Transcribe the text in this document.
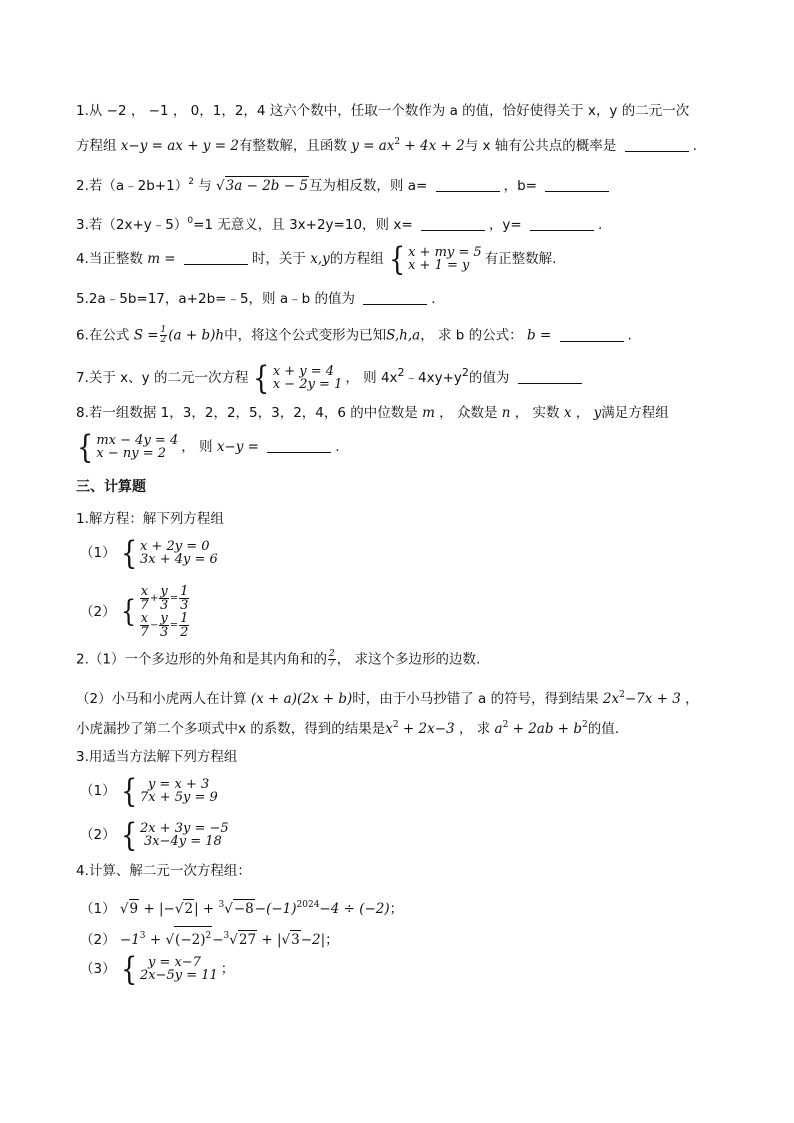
1.从 −2 ， −1 ， 0，1，2，4 这六个数中，任取一个数作为 a 的值，恰好使得关于 x，y 的二元一次
方程组 x−y = ax + y = 2有整数解，且函数 $y = ax^2 + 4x + 2$与 x 轴有公共点的概率是	.
2.若（a﹣2b+1）$^2$ 与 √3a − 2b − 5互为相反数，则 a=	，b=
3.若（2x+y﹣5）$^0$=1 无意义，且 3x+2y=10，则 x=	，y=	.
4.当正整数 m =	时，关于 x,y的方程组 { x + my = 5
x + 1 = y	有正整数解.
5.2a﹣5b=17，a+2b=﹣5，则 a﹣b 的值为	.
6.在公式 $S = \frac{1}{2} (a + b)h$中，将这个公式变形为已知S,h,a， 求 b 的公式： b =	.
7.关于 x、y 的二元一次方程 { x + y = 4
x − 2y = 1 ， 则 $4x^2﹣4xy+y^2$的值为
8.若一组数据 1，3，2，2，5，3，2，4，6 的中位数是 m ， 众数是 n ， 实数 x ， y满足方程组
{ mx − 4y = 4
x − ny = 2	， 则 x−y =	.
三、计算题
1.解方程：解下列方程组
（1） { x + 2y = 0
3x + 4y = 6
（2） { $\frac{x}{7} + \frac{y}{3} = \frac{1}{3}$
$\frac{x}{7} - \frac{y}{3} = \frac{1}{2}$
2.（1）一个多边形的外角和是其内角和的 $\frac{2}{7}$ ， 求这个多边形的边数.
（2）小马和小虎两人在计算 (x + a)(2x + b)时，由于小马抄错了 a 的符号，得到结果 $2x^2-7x + 3$ ，
小虎漏抄了第二个多项式中x 的系数，得到的结果是$x^2 + 2x-3$ ， 求 $a^2 + 2ab + b^2$的值.
3.用适当方法解下列方程组
（1） { y = x + 3
7x + 5y = 9
（2） { 2x + 3y = −5
3x−4y = 18
4.计算、解二元一次方程组：
（1） $√9 + |-√2| + ^3√-8-(-1)^{2024}-4 \div (-2)$；
$(2) -1^3 + √(-2)^2-^3√27 + |√3-2|$；
（3） { y = x−7
2x−5y = 11 ；
